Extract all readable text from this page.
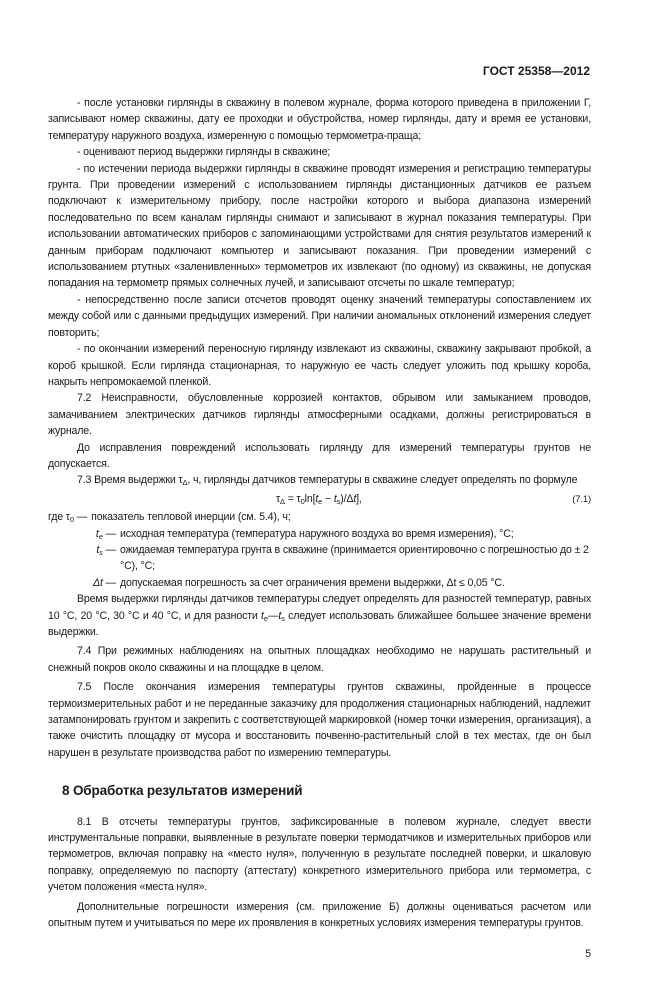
ГОСТ 25358—2012

- после установки гирлянды в скважину в полевом журнале, форма которого приведена в приложении Г, записывают номер скважины, дату ее проходки и обустройства, номер гирлянды, дату и время ее установки, температуру наружного воздуха, измеренную с помощью термометра-праща;

- оценивают период выдержки гирлянды в скважине;

- по истечении периода выдержки гирлянды в скважине проводят измерения и регистрацию температуры грунта. При проведении измерений с использованием гирлянды дистанционных датчиков ее разъем подключают к измерительному прибору, после настройки которого и выбора диапазона измерений последовательно по всем каналам гирлянды снимают и записывают в журнал показания температуры. При использовании автоматических приборов с запоминающими устройствами для снятия результатов измерений к данным приборам подключают компьютер и записывают показания. При проведении измерений с использованием ртутных «заленивленных» термометров их извлекают (по одному) из скважины, не допуская попадания на термометр прямых солнечных лучей, и записывают отсчеты по шкале температур;

- непосредственно после записи отсчетов проводят оценку значений температуры сопоставлением их между собой или с данными предыдущих измерений. При наличии аномальных отклонений измерения следует повторить;

- по окончании измерений переносную гирлянду извлекают из скважины, скважину закрывают пробкой, а короб крышкой. Если гирлянда стационарная, то наружную ее часть следует уложить под крышку короба, накрыть непромокаемой пленкой.

7.2 Неисправности, обусловленные коррозией контактов, обрывом или замыканием проводов, замачиванием электрических датчиков гирлянды атмосферными осадками, должны регистрироваться в журнале.

До исправления повреждений использовать гирлянду для измерений температуры грунтов не допускается.

7.3 Время выдержки $\tau_\Delta$, ч, гирлянды датчиков температуры в скважине следует определять по формуле

$\tau_\Delta = \tau_0\ln[t_e - t_s)/\Delta t$],	(7.1)
где $\tau_0$ — показатель тепловой инерции (см. 5.4), ч;
$t_e$ — исходная температура (температура наружного воздуха во время измерения), °С;
$t_s$ — ожидаемая температура грунта в скважине (принимается ориентировочно с погрешностью до ± 2 °С), °С;
Δt — допускаемая погрешность за счет ограничения времени выдержки, Δt ≤ 0,05 °С.

Время выдержки гирлянды датчиков температуры следует определять для разностей температур, равных 10 °С, 20 °С, 30 °С и 40 °С, и для разности $t_e—t_s$ следует использовать ближайшее большее значение времени выдержки.

7.4 При режимных наблюдениях на опытных площадках необходимо не нарушать растительный и снежный покров около скважины и на площадке в целом.

7.5 После окончания измерения температуры грунтов скважины, пройденные в процессе термоизмерительных работ и не переданные заказчику для продолжения стационарных наблюдений, надлежит затампонировать грунтом и закрепить с соответствующей маркировкой (номер точки измерения, организация), а также очистить площадку от мусора и восстановить почвенно-растительный слой в тех местах, где он был нарушен в результате производства работ по измерению температуры.

8 Обработка результатов измерений

8.1 В отсчеты температуры грунтов, зафиксированные в полевом журнале, следует ввести инструментальные поправки, выявленные в результате поверки термодатчиков и измерительных приборов или термометров, включая поправку на «место нуля», полученную в результате последней поверки, и шкаловую поправку, определяемую по паспорту (аттестату) конкретного измерительного прибора или термометра, с учетом положения «места нуля».

Дополнительные погрешности измерения (см. приложение Б) должны оцениваться расчетом или опытным путем и учитываться по мере их проявления в конкретных условиях измерения температуры грунтов.

5
